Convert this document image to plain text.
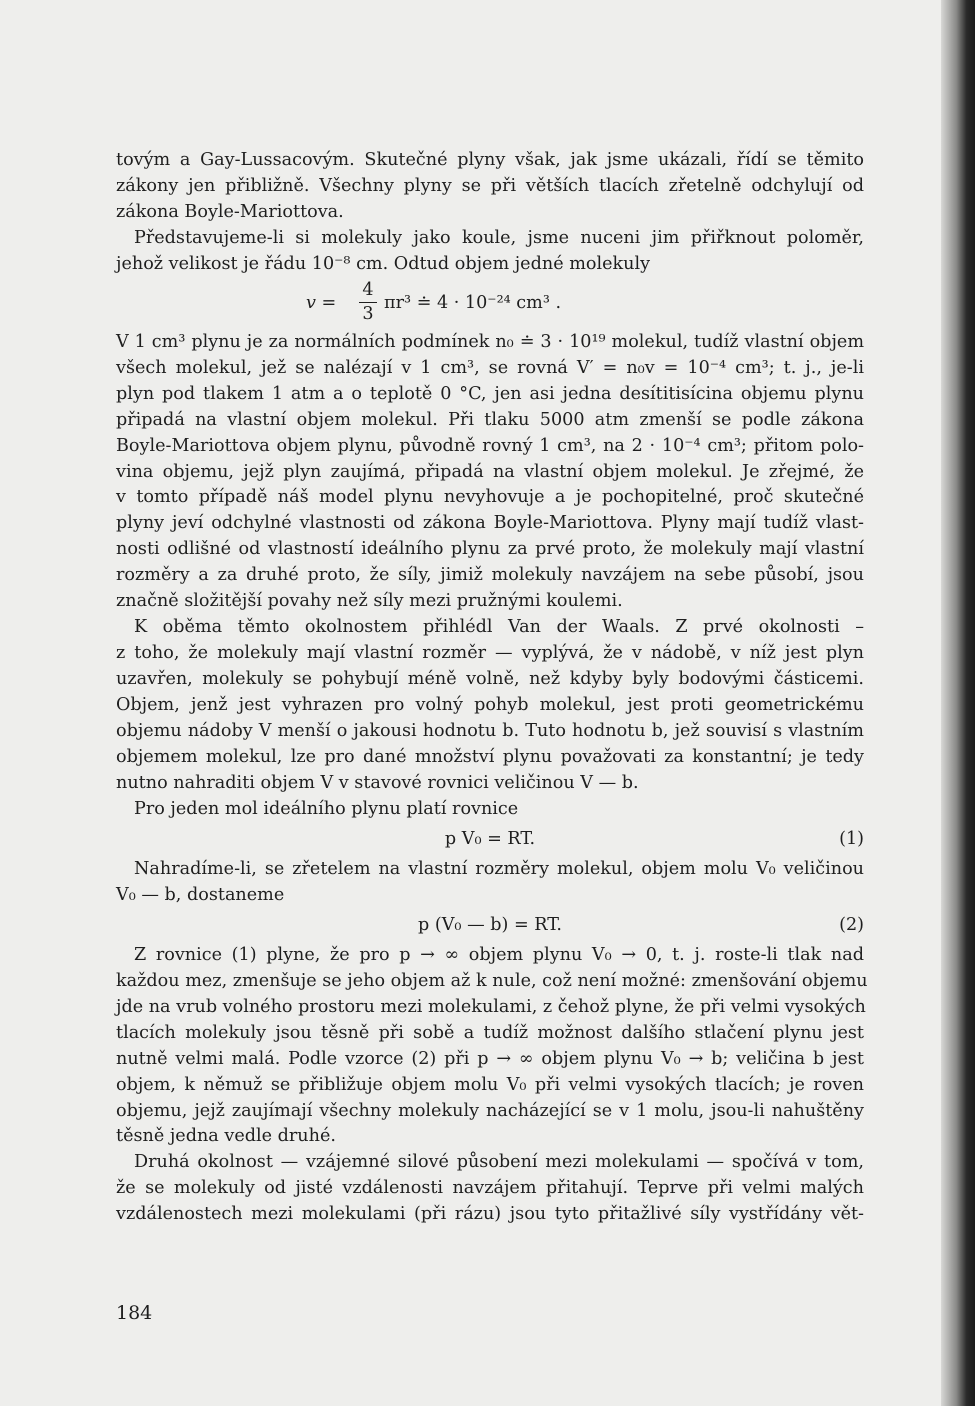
tovým a Gay-Lussacovým. Skutečné plyny však, jak jsme ukázali, řídí se těmito
zákony jen přibližně. Všechny plyny se při větších tlacích zřetelně odchylují od
zákona Boyle-Mariottova.
Představujeme-li si molekuly jako koule, jsme nuceni jim přiřknout poloměr,
jehož velikost je řádu 10⁻⁸ cm. Odtud objem jedné molekuly
v =
4
3
πr³ ≐ 4 · 10⁻²⁴ cm³ .
V 1 cm³ plynu je za normálních podmínek n₀ ≐ 3 · 10¹⁹ molekul, tudíž vlastní objem
všech molekul, jež se nalézají v 1 cm³, se rovná V′ = n₀v = 10⁻⁴ cm³; t. j., je-li
plyn pod tlakem 1 atm a o teplotě 0 °C, jen asi jedna desítitisícina objemu plynu
připadá na vlastní objem molekul. Při tlaku 5000 atm zmenší se podle zákona
Boyle-Mariottova objem plynu, původně rovný 1 cm³, na 2 · 10⁻⁴ cm³; přitom polo-
vina objemu, jejž plyn zaujímá, připadá na vlastní objem molekul. Je zřejmé, že
v tomto případě náš model plynu nevyhovuje a je pochopitelné, proč skutečné
plyny jeví odchylné vlastnosti od zákona Boyle-Mariottova. Plyny mají tudíž vlast-
nosti odlišné od vlastností ideálního plynu za prvé proto, že molekuly mají vlastní
rozměry a za druhé proto, že síly, jimiž molekuly navzájem na sebe působí, jsou
značně složitější povahy než síly mezi pružnými koulemi.
K oběma těmto okolnostem přihlédl Van der Waals. Z prvé okolnosti –
z toho, že molekuly mají vlastní rozměr — vyplývá, že v nádobě, v níž jest plyn
uzavřen, molekuly se pohybují méně volně, než kdyby byly bodovými částicemi.
Objem, jenž jest vyhrazen pro volný pohyb molekul, jest proti geometrickému
objemu nádoby V menší o jakousi hodnotu b. Tuto hodnotu b, jež souvisí s vlastním
objemem molekul, lze pro dané množství plynu považovati za konstantní; je tedy
nutno nahraditi objem V v stavové rovnici veličinou V — b.
Pro jeden mol ideálního plynu platí rovnice
p V₀ = RT.	(1)
Nahradíme-li, se zřetelem na vlastní rozměry molekul, objem molu V₀ veličinou
V₀ — b, dostaneme
p (V₀ — b) = RT.	(2)
Z rovnice (1) plyne, že pro p → ∞ objem plynu V₀ → 0, t. j. roste-li tlak nad
každou mez, zmenšuje se jeho objem až k nule, což není možné: zmenšování objemu
jde na vrub volného prostoru mezi molekulami, z čehož plyne, že při velmi vysokých
tlacích molekuly jsou těsně při sobě a tudíž možnost dalšího stlačení plynu jest
nutně velmi malá. Podle vzorce (2) při p → ∞ objem plynu V₀ → b; veličina b jest
objem, k němuž se přibližuje objem molu V₀ při velmi vysokých tlacích; je roven
objemu, jejž zaujímají všechny molekuly nacházející se v 1 molu, jsou-li nahuštěny
těsně jedna vedle druhé.
Druhá okolnost — vzájemné silové působení mezi molekulami — spočívá v tom,
že se molekuly od jisté vzdálenosti navzájem přitahují. Teprve při velmi malých
vzdálenostech mezi molekulami (při rázu) jsou tyto přitažlivé síly vystřídány vět-
184
